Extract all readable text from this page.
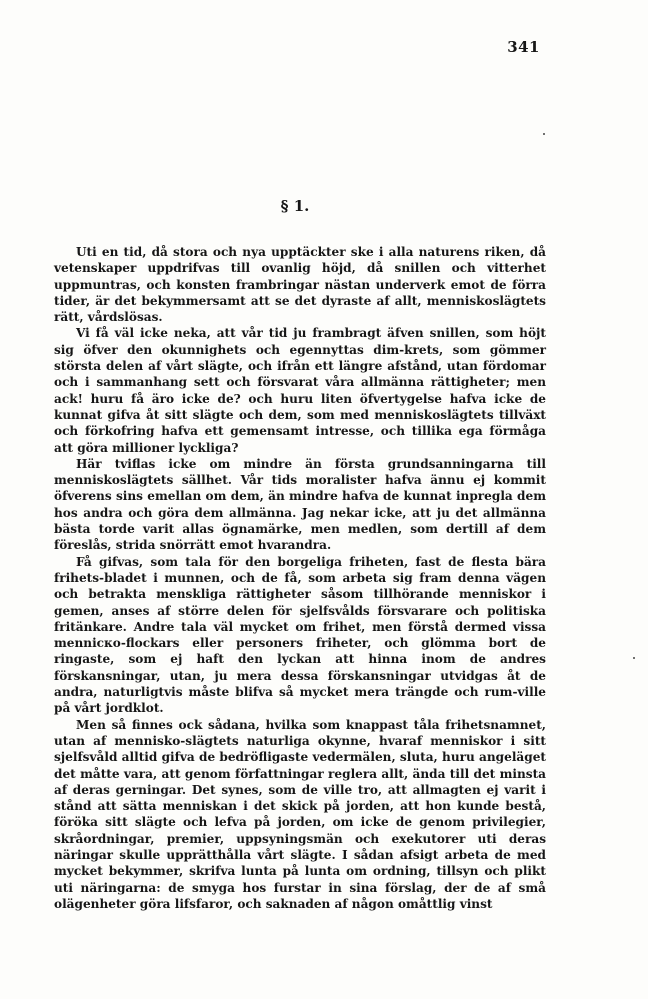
341
§ 1.

Uti en tid, då stora och nya upptäckter ske i alla naturens riken, då vetenskaper uppdrifvas till ovanlig höjd, då snillen och vitterhet uppmuntras, och konsten frambringar nästan underverk emot de förra tider, är det bekymmersamt att se det dyraste af allt, menniskoslägtets rätt, vårdslösas.

Vi få väl icke neka, att vår tid ju frambragt äfven snillen, som höjt sig öfver den okunnighets och egennyttas dim-krets, som gömmer största delen af vårt slägte, och ifrån ett längre afstånd, utan fördomar och i sammanhang sett och försvarat våra allmänna rättigheter; men ack! huru få äro icke de? och huru liten öfvertygelse hafva icke de kunnat gifva åt sitt slägte och dem, som med menniskoslägtets tillväxt och förkofring hafva ett gemensamt intresse, och tillika ega förmåga att göra millioner lyckliga?

Här tviflas icke om mindre än första grundsanningarna till menniskoslägtets sällhet. Vår tids moralister hafva ännu ej kommit öfverens sins emellan om dem, än mindre hafva de kunnat inpregla dem hos andra och göra dem allmänna. Jag nekar icke, att ju det allmänna bästa torde varit allas ögnamärke, men medlen, som dertill af dem föreslås, strida snörrätt emot hvarandra.

Få gifvas, som tala för den borgeliga friheten, fast de flesta bära frihets-bladet i munnen, och de få, som arbeta sig fram denna vägen och betrakta menskliga rättigheter såsom tillhörande menniskor i gemen, anses af större delen för sjelfsvålds försvarare och politiska fritänkare. Andre tala väl mycket om frihet, men förstå dermed vissa menniско-flockars eller personers friheter, och glömma bort de ringaste, som ej haft den lyckan att hinna inom de andres förskansningar, utan, ju mera dessa förskansningar utvidgas åt de andra, naturligtvis måste blifva så mycket mera trängde och rum-ville på vårt jordklot.

Men så finnes ock sådana, hvilka som knappast tåla frihetsnamnet, utan af mennisko-slägtets naturliga okynne, hvaraf menniskor i sitt sjelfsvåld alltid gifva de bedröfligaste vedermälen, sluta, huru angeläget det måtte vara, att genom författningar reglera allt, ända till det minsta af deras gerningar. Det synes, som de ville tro, att allmagten ej varit i stånd att sätta menniskan i det skick på jorden, att hon kunde bestå, föröka sitt slägte och lefva på jorden, om icke de genom privilegier, skråordningar, premier, uppsyningsmän och exekutorer uti deras näringar skulle upprätthålla vårt slägte. I sådan afsigt arbeta de med mycket bekymmer, skrifva lunta på lunta om ordning, tillsyn och plikt uti näringarna: de smyga hos furstar in sina förslag, der de af små olägenheter göra lifsfaror, och saknaden af någon omåttlig vinst
